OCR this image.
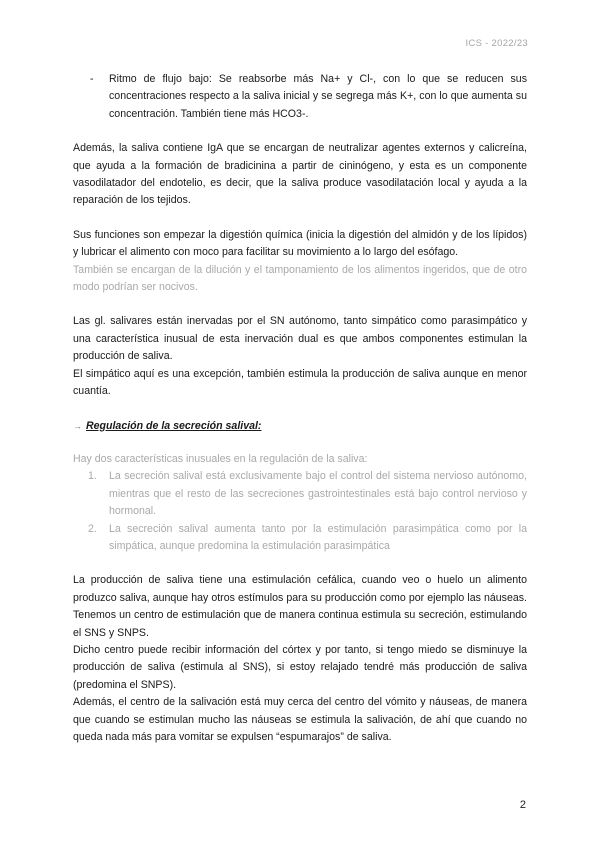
ICS - 2022/23
-	Ritmo de flujo bajo: Se reabsorbe más Na+ y Cl-, con lo que se reducen sus concentraciones respecto a la saliva inicial y se segrega más K+, con lo que aumenta su concentración. También tiene más HCO3-.

Además, la saliva contiene IgA que se encargan de neutralizar agentes externos y calicreína, que ayuda a la formación de bradicinina a partir de cininógeno, y esta es un componente vasodilatador del endotelio, es decir, que la saliva produce vasodilatación local y ayuda a la reparación de los tejidos.

Sus funciones son empezar la digestión química (inicia la digestión del almidón y de los lípidos) y lubricar el alimento con moco para facilitar su movimiento a lo largo del esófago.

También se encargan de la dilución y el tamponamiento de los alimentos ingeridos, que de otro modo podrían ser nocivos.

Las gl. salivares están inervadas por el SN autónomo, tanto simpático como parasimpático y una característica inusual de esta inervación dual es que ambos componentes estimulan la producción de saliva.

El simpático aquí es una excepción, también estimula la producción de saliva aunque en menor cuantía.

→ Regulación de la secreción salival:

Hay dos características inusuales en la regulación de la saliva:

1.	La secreción salival está exclusivamente bajo el control del sistema nervioso autónomo, mientras que el resto de las secreciones gastrointestinales está bajo control nervioso y hormonal.
2.	La secreción salival aumenta tanto por la estimulación parasimpática como por la simpática, aunque predomina la estimulación parasimpática

La producción de saliva tiene una estimulación cefálica, cuando veo o huelo un alimento produzco saliva, aunque hay otros estímulos para su producción como por ejemplo las náuseas. Tenemos un centro de estimulación que de manera continua estimula su secreción, estimulando el SNS y SNPS.

Dicho centro puede recibir información del córtex y por tanto, si tengo miedo se disminuye la producción de saliva (estimula al SNS), si estoy relajado tendré más producción de saliva (predomina el SNPS).

Además, el centro de la salivación está muy cerca del centro del vómito y náuseas, de manera que cuando se estimulan mucho las náuseas se estimula la salivación, de ahí que cuando no queda nada más para vomitar se expulsen “espumarajos” de saliva.

2
